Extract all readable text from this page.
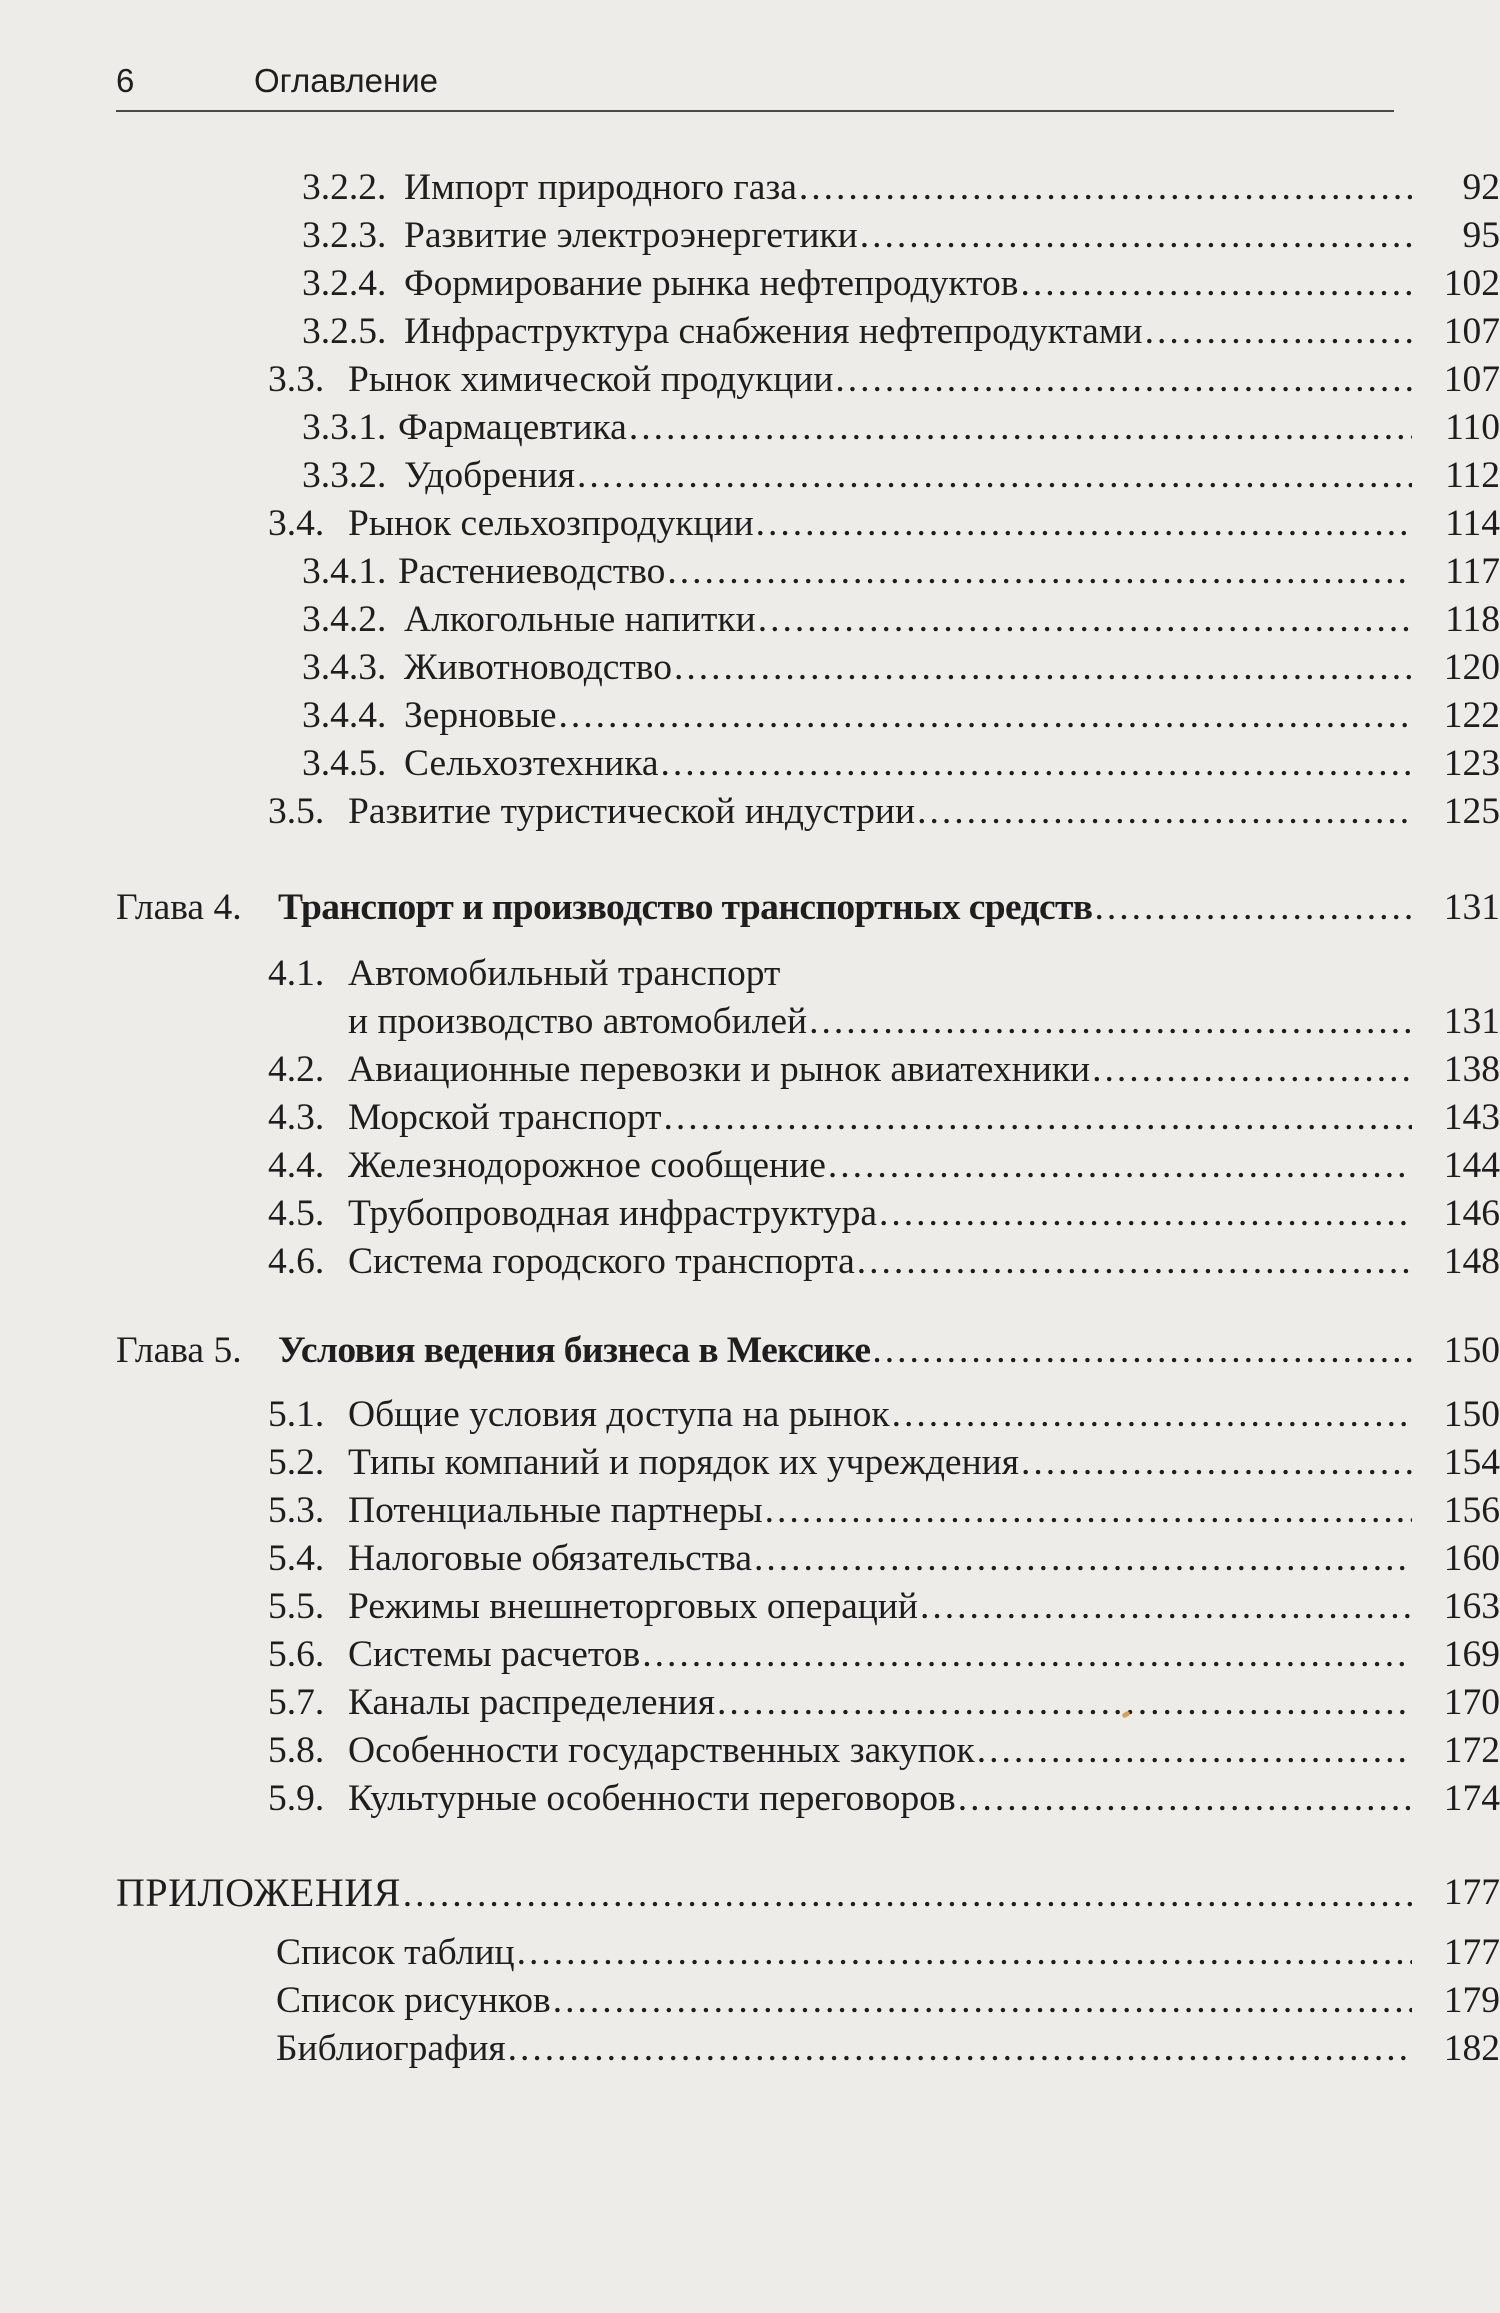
6	Оглавление
3.2.2. Импорт природного газа .....	92
3.2.3. Развитие электроэнергетики .....	95
3.2.4. Формирование рынка нефтепродуктов .....	102
3.2.5. Инфраструктура снабжения нефтепродуктами .....	107
3.3. Рынок химической продукции .....	107
3.3.1. Фармацевтика .....	110
3.3.2. Удобрения .....	112
3.4. Рынок сельхозпродукции .....	114
3.4.1. Растениеводство .....	117
3.4.2. Алкогольные напитки .....	118
3.4.3. Животноводство .....	120
3.4.4. Зерновые .....	122
3.4.5. Сельхозтехника .....	123
3.5. Развитие туристической индустрии .....	125
Глава 4. Транспорт и производство транспортных средств .....	131
4.1. Автомобильный транспорт
и производство автомобилей .....	131
4.2. Авиационные перевозки и рынок авиатехники .....	138
4.3. Морской транспорт .....	143
4.4. Железнодорожное сообщение .....	144
4.5. Трубопроводная инфраструктура .....	146
4.6. Система городского транспорта .....	148
Глава 5. Условия ведения бизнеса в Мексике .....	150
5.1. Общие условия доступа на рынок .....	150
5.2. Типы компаний и порядок их учреждения .....	154
5.3. Потенциальные партнеры .....	156
5.4. Налоговые обязательства .....	160
5.5. Режимы внешнеторговых операций .....	163
5.6. Системы расчетов .....	169
5.7. Каналы распределения .....	170
5.8. Особенности государственных закупок .....	172
5.9. Культурные особенности переговоров .....	174
ПРИЛОЖЕНИЯ .....	177
Список таблиц .....	177
Список рисунков .....	179
Библиография .....	182
